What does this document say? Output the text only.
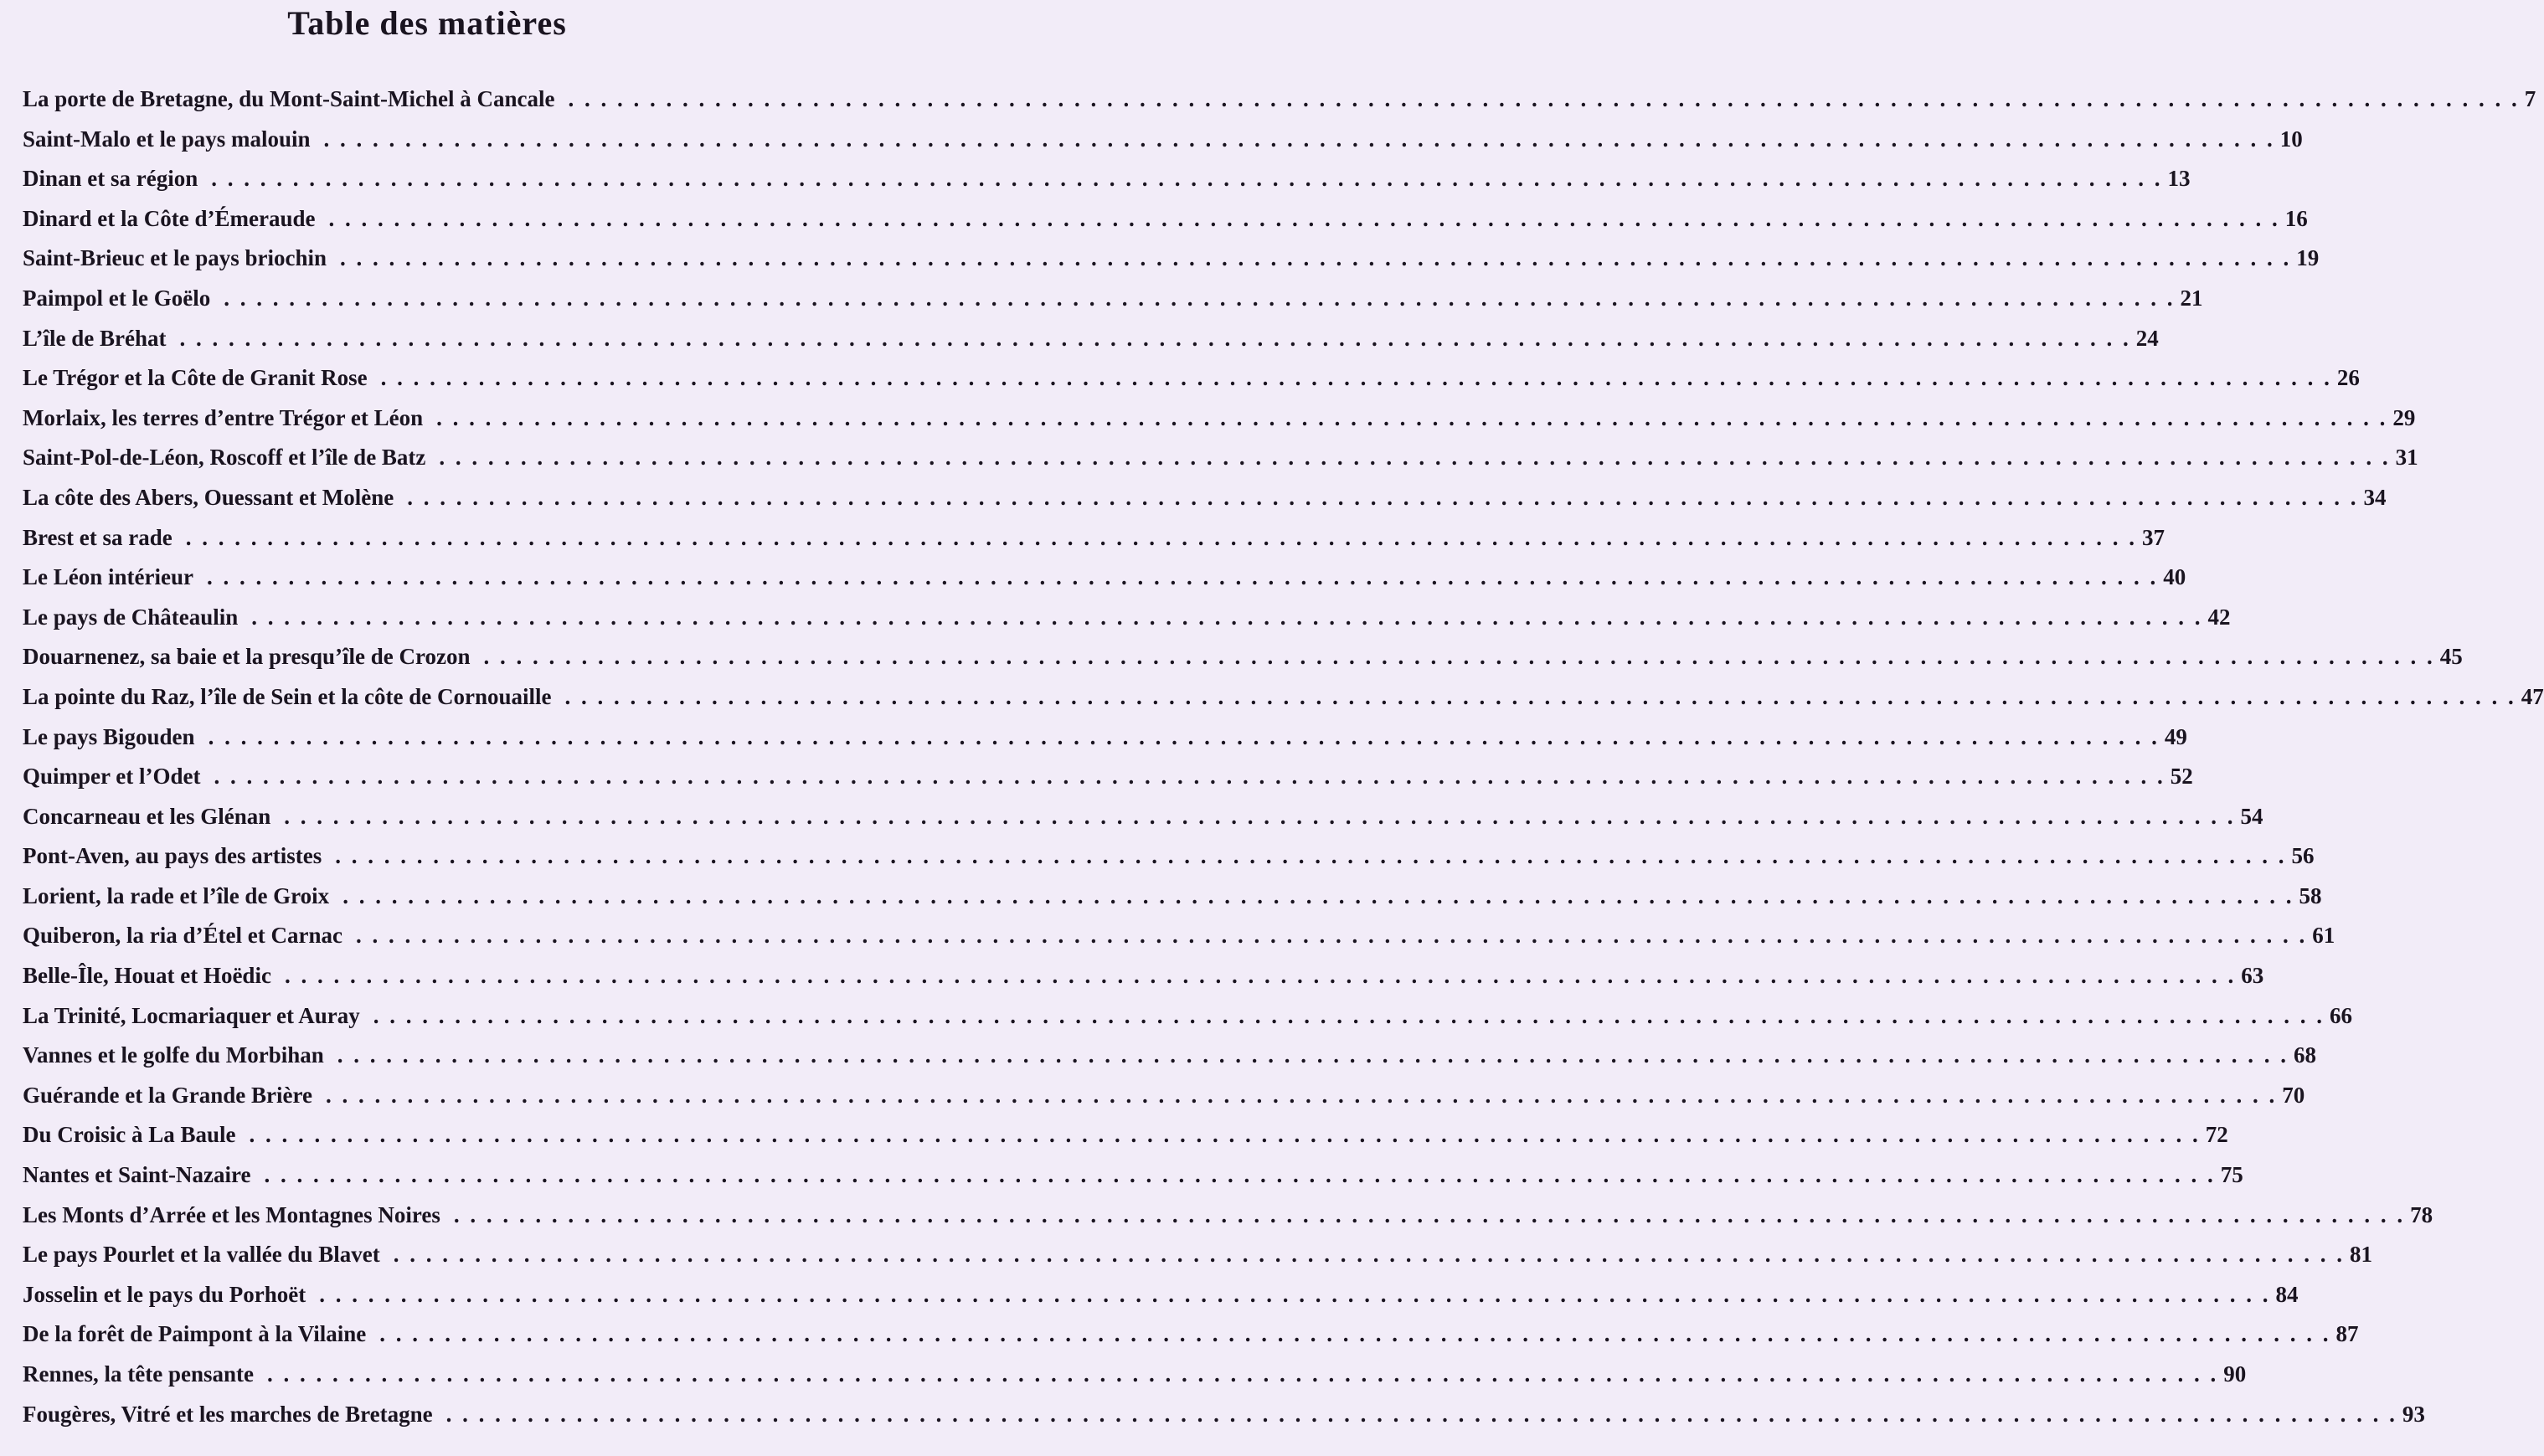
Table des matières
La porte de Bretagne, du Mont-Saint-Michel à Cancale . . . . . . . . . . . . . . . . . . . . . . . . . . . . . . . . . . . . . . . . . . . . . . . . . . . . . . . . . . . . . . . . . . . . . . . . . . . . . . . . . . . . . . . . . . . . . . . . . . . . . . . . . . . . . . . . . . . . . . . . 7
Saint-Malo et le pays malouin . . . . . . . . . . . . . . . . . . . . . . . . . . . . . . . . . . . . . . . . . . . . . . . . . . . . . . . . . . . . . . . . . . . . . . . . . . . . . . . . . . . . . . . . . . . . . . . . . . . . . . . . . . . . . . . . . . . . . . . . 10
Dinan et sa région . . . . . . . . . . . . . . . . . . . . . . . . . . . . . . . . . . . . . . . . . . . . . . . . . . . . . . . . . . . . . . . . . . . . . . . . . . . . . . . . . . . . . . . . . . . . . . . . . . . . . . . . . . . . . . . . . . . . . . . . 13
Dinard et la Côte d’Émeraude . . . . . . . . . . . . . . . . . . . . . . . . . . . . . . . . . . . . . . . . . . . . . . . . . . . . . . . . . . . . . . . . . . . . . . . . . . . . . . . . . . . . . . . . . . . . . . . . . . . . . . . . . . . . . . . . . . . . . . . . 16
Saint-Brieuc et le pays briochin . . . . . . . . . . . . . . . . . . . . . . . . . . . . . . . . . . . . . . . . . . . . . . . . . . . . . . . . . . . . . . . . . . . . . . . . . . . . . . . . . . . . . . . . . . . . . . . . . . . . . . . . . . . . . . . . . . . . . . . . 19
Paimpol et le Goëlo . . . . . . . . . . . . . . . . . . . . . . . . . . . . . . . . . . . . . . . . . . . . . . . . . . . . . . . . . . . . . . . . . . . . . . . . . . . . . . . . . . . . . . . . . . . . . . . . . . . . . . . . . . . . . . . . . . . . . . . . 21
L’île de Bréhat . . . . . . . . . . . . . . . . . . . . . . . . . . . . . . . . . . . . . . . . . . . . . . . . . . . . . . . . . . . . . . . . . . . . . . . . . . . . . . . . . . . . . . . . . . . . . . . . . . . . . . . . . . . . . . . . . . . . . . . . 24
Le Trégor et la Côte de Granit Rose . . . . . . . . . . . . . . . . . . . . . . . . . . . . . . . . . . . . . . . . . . . . . . . . . . . . . . . . . . . . . . . . . . . . . . . . . . . . . . . . . . . . . . . . . . . . . . . . . . . . . . . . . . . . . . . . . . . . . . . . 26
Morlaix, les terres d’entre Trégor et Léon . . . . . . . . . . . . . . . . . . . . . . . . . . . . . . . . . . . . . . . . . . . . . . . . . . . . . . . . . . . . . . . . . . . . . . . . . . . . . . . . . . . . . . . . . . . . . . . . . . . . . . . . . . . . . . . . . . . . . . . . 29
Saint-Pol-de-Léon, Roscoff et l’île de Batz . . . . . . . . . . . . . . . . . . . . . . . . . . . . . . . . . . . . . . . . . . . . . . . . . . . . . . . . . . . . . . . . . . . . . . . . . . . . . . . . . . . . . . . . . . . . . . . . . . . . . . . . . . . . . . . . . . . . . . . . 31
La côte des Abers, Ouessant et Molène . . . . . . . . . . . . . . . . . . . . . . . . . . . . . . . . . . . . . . . . . . . . . . . . . . . . . . . . . . . . . . . . . . . . . . . . . . . . . . . . . . . . . . . . . . . . . . . . . . . . . . . . . . . . . . . . . . . . . . . . 34
Brest et sa rade . . . . . . . . . . . . . . . . . . . . . . . . . . . . . . . . . . . . . . . . . . . . . . . . . . . . . . . . . . . . . . . . . . . . . . . . . . . . . . . . . . . . . . . . . . . . . . . . . . . . . . . . . . . . . . . . . . . . . . . . 37
Le Léon intérieur . . . . . . . . . . . . . . . . . . . . . . . . . . . . . . . . . . . . . . . . . . . . . . . . . . . . . . . . . . . . . . . . . . . . . . . . . . . . . . . . . . . . . . . . . . . . . . . . . . . . . . . . . . . . . . . . . . . . . . . . 40
Le pays de Châteaulin . . . . . . . . . . . . . . . . . . . . . . . . . . . . . . . . . . . . . . . . . . . . . . . . . . . . . . . . . . . . . . . . . . . . . . . . . . . . . . . . . . . . . . . . . . . . . . . . . . . . . . . . . . . . . . . . . . . . . . . . 42
Douarnenez, sa baie et la presqu’île de Crozon . . . . . . . . . . . . . . . . . . . . . . . . . . . . . . . . . . . . . . . . . . . . . . . . . . . . . . . . . . . . . . . . . . . . . . . . . . . . . . . . . . . . . . . . . . . . . . . . . . . . . . . . . . . . . . . . . . . . . . . . 45
La pointe du Raz, l’île de Sein et la côte de Cornouaille . . . . . . . . . . . . . . . . . . . . . . . . . . . . . . . . . . . . . . . . . . . . . . . . . . . . . . . . . . . . . . . . . . . . . . . . . . . . . . . . . . . . . . . . . . . . . . . . . . . . . . . . . . . . . . . . . . . . . . . . 47
Le pays Bigouden . . . . . . . . . . . . . . . . . . . . . . . . . . . . . . . . . . . . . . . . . . . . . . . . . . . . . . . . . . . . . . . . . . . . . . . . . . . . . . . . . . . . . . . . . . . . . . . . . . . . . . . . . . . . . . . . . . . . . . . . 49
Quimper et l’Odet . . . . . . . . . . . . . . . . . . . . . . . . . . . . . . . . . . . . . . . . . . . . . . . . . . . . . . . . . . . . . . . . . . . . . . . . . . . . . . . . . . . . . . . . . . . . . . . . . . . . . . . . . . . . . . . . . . . . . . . . 52
Concarneau et les Glénan . . . . . . . . . . . . . . . . . . . . . . . . . . . . . . . . . . . . . . . . . . . . . . . . . . . . . . . . . . . . . . . . . . . . . . . . . . . . . . . . . . . . . . . . . . . . . . . . . . . . . . . . . . . . . . . . . . . . . . . . 54
Pont-Aven, au pays des artistes . . . . . . . . . . . . . . . . . . . . . . . . . . . . . . . . . . . . . . . . . . . . . . . . . . . . . . . . . . . . . . . . . . . . . . . . . . . . . . . . . . . . . . . . . . . . . . . . . . . . . . . . . . . . . . . . . . . . . . . . 56
Lorient, la rade et l’île de Groix . . . . . . . . . . . . . . . . . . . . . . . . . . . . . . . . . . . . . . . . . . . . . . . . . . . . . . . . . . . . . . . . . . . . . . . . . . . . . . . . . . . . . . . . . . . . . . . . . . . . . . . . . . . . . . . . . . . . . . . . 58
Quiberon, la ria d’Étel et Carnac . . . . . . . . . . . . . . . . . . . . . . . . . . . . . . . . . . . . . . . . . . . . . . . . . . . . . . . . . . . . . . . . . . . . . . . . . . . . . . . . . . . . . . . . . . . . . . . . . . . . . . . . . . . . . . . . . . . . . . . . 61
Belle-Île, Houat et Hoëdic . . . . . . . . . . . . . . . . . . . . . . . . . . . . . . . . . . . . . . . . . . . . . . . . . . . . . . . . . . . . . . . . . . . . . . . . . . . . . . . . . . . . . . . . . . . . . . . . . . . . . . . . . . . . . . . . . . . . . . . . 63
La Trinité, Locmariaquer et Auray . . . . . . . . . . . . . . . . . . . . . . . . . . . . . . . . . . . . . . . . . . . . . . . . . . . . . . . . . . . . . . . . . . . . . . . . . . . . . . . . . . . . . . . . . . . . . . . . . . . . . . . . . . . . . . . . . . . . . . . . 66
Vannes et le golfe du Morbihan . . . . . . . . . . . . . . . . . . . . . . . . . . . . . . . . . . . . . . . . . . . . . . . . . . . . . . . . . . . . . . . . . . . . . . . . . . . . . . . . . . . . . . . . . . . . . . . . . . . . . . . . . . . . . . . . . . . . . . . . 68
Guérande et la Grande Brière . . . . . . . . . . . . . . . . . . . . . . . . . . . . . . . . . . . . . . . . . . . . . . . . . . . . . . . . . . . . . . . . . . . . . . . . . . . . . . . . . . . . . . . . . . . . . . . . . . . . . . . . . . . . . . . . . . . . . . . . 70
Du Croisic à La Baule . . . . . . . . . . . . . . . . . . . . . . . . . . . . . . . . . . . . . . . . . . . . . . . . . . . . . . . . . . . . . . . . . . . . . . . . . . . . . . . . . . . . . . . . . . . . . . . . . . . . . . . . . . . . . . . . . . . . . . . . 72
Nantes et Saint-Nazaire . . . . . . . . . . . . . . . . . . . . . . . . . . . . . . . . . . . . . . . . . . . . . . . . . . . . . . . . . . . . . . . . . . . . . . . . . . . . . . . . . . . . . . . . . . . . . . . . . . . . . . . . . . . . . . . . . . . . . . . . 75
Les Monts d’Arrée et les Montagnes Noires . . . . . . . . . . . . . . . . . . . . . . . . . . . . . . . . . . . . . . . . . . . . . . . . . . . . . . . . . . . . . . . . . . . . . . . . . . . . . . . . . . . . . . . . . . . . . . . . . . . . . . . . . . . . . . . . . . . . . . . . 78
Le pays Pourlet et la vallée du Blavet . . . . . . . . . . . . . . . . . . . . . . . . . . . . . . . . . . . . . . . . . . . . . . . . . . . . . . . . . . . . . . . . . . . . . . . . . . . . . . . . . . . . . . . . . . . . . . . . . . . . . . . . . . . . . . . . . . . . . . . . 81
Josselin et le pays du Porhoët . . . . . . . . . . . . . . . . . . . . . . . . . . . . . . . . . . . . . . . . . . . . . . . . . . . . . . . . . . . . . . . . . . . . . . . . . . . . . . . . . . . . . . . . . . . . . . . . . . . . . . . . . . . . . . . . . . . . . . . . 84
De la forêt de Paimpont à la Vilaine . . . . . . . . . . . . . . . . . . . . . . . . . . . . . . . . . . . . . . . . . . . . . . . . . . . . . . . . . . . . . . . . . . . . . . . . . . . . . . . . . . . . . . . . . . . . . . . . . . . . . . . . . . . . . . . . . . . . . . . . 87
Rennes, la tête pensante . . . . . . . . . . . . . . . . . . . . . . . . . . . . . . . . . . . . . . . . . . . . . . . . . . . . . . . . . . . . . . . . . . . . . . . . . . . . . . . . . . . . . . . . . . . . . . . . . . . . . . . . . . . . . . . . . . . . . . . . 90
Fougères, Vitré et les marches de Bretagne . . . . . . . . . . . . . . . . . . . . . . . . . . . . . . . . . . . . . . . . . . . . . . . . . . . . . . . . . . . . . . . . . . . . . . . . . . . . . . . . . . . . . . . . . . . . . . . . . . . . . . . . . . . . . . . . . . . . . . . . 93
